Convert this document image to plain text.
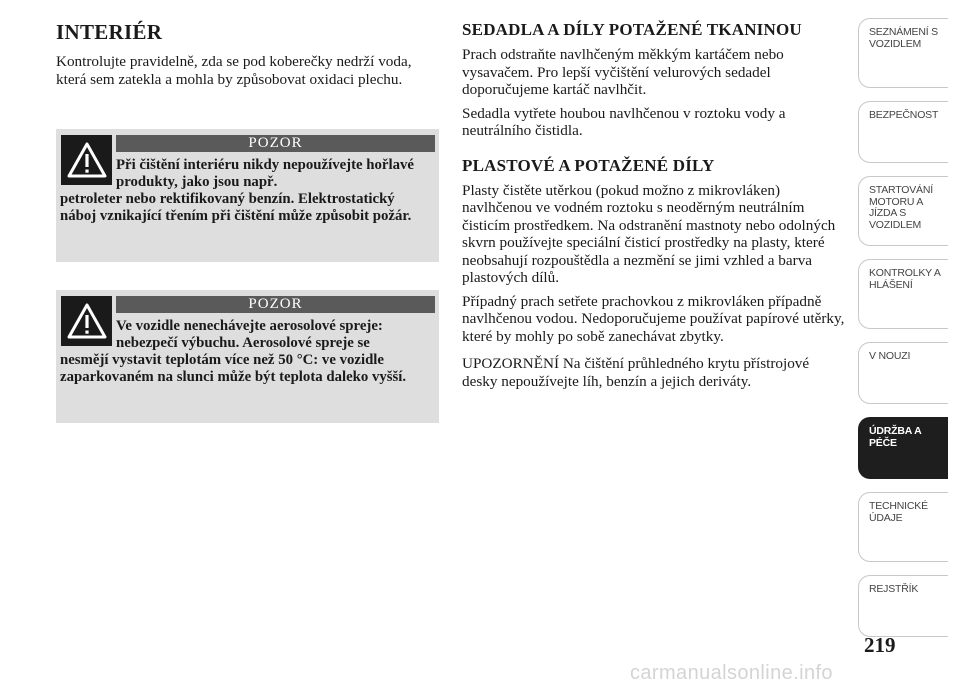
INTERIÉR

Kontrolujte pravidelně, zda se pod koberečky nedrží voda, která sem zatekla a mohla by způsobovat oxidaci plechu.

POZOR
Při čištění interiéru nikdy nepoužívejte hořlavé produkty, jako jsou např.
petroleter nebo rektifikovaný benzín. Elektrostatický náboj vznikající třením při čištění může způsobit požár.
POZOR
Ve vozidle nenechávejte aerosolové spreje: nebezpečí výbuchu. Aerosolové spreje se
nesmějí vystavit teplotám více než 50 °C: ve vozidle zaparkovaném na slunci může být teplota daleko vyšší.
SEDADLA A DÍLY POTAŽENÉ TKANINOU

Prach odstraňte navlhčeným měkkým kartáčem nebo vysavačem. Pro lepší vyčištění velurových sedadel doporučujeme kartáč navlhčit.

Sedadla vytřete houbou navlhčenou v roztoku vody a neutrálního čistidla.

PLASTOVÉ A POTAŽENÉ DÍLY

Plasty čistěte utěrkou (pokud možno z mikrovláken) navlhčenou ve vodném roztoku s neoděrným neutrálním čisticím prostředkem. Na odstranění mastnoty nebo odolných skvrn používejte speciální čisticí prostředky na plasty, které neobsahují rozpouštědla a nezmění se jimi vzhled a barva plastových dílů.

Případný prach setřete prachovkou z mikrovláken případně navlhčenou vodou. Nedoporučujeme používat papírové utěrky, které by mohly po sobě zanechávat zbytky.

UPOZORNĚNÍ Na čištění průhledného krytu přístrojové desky nepoužívejte líh, benzín a jejich deriváty.

SEZNÁMENÍ S VOZIDLEM
BEZPEČNOST
STARTOVÁNÍ MOTORU A JÍZDA S VOZIDLEM
KONTROLKY A HLÁŠENÍ
V NOUZI
ÚDRŽBA A PÉČE
TECHNICKÉ ÚDAJE
REJSTŘÍK
219
carmanualsonline.info
